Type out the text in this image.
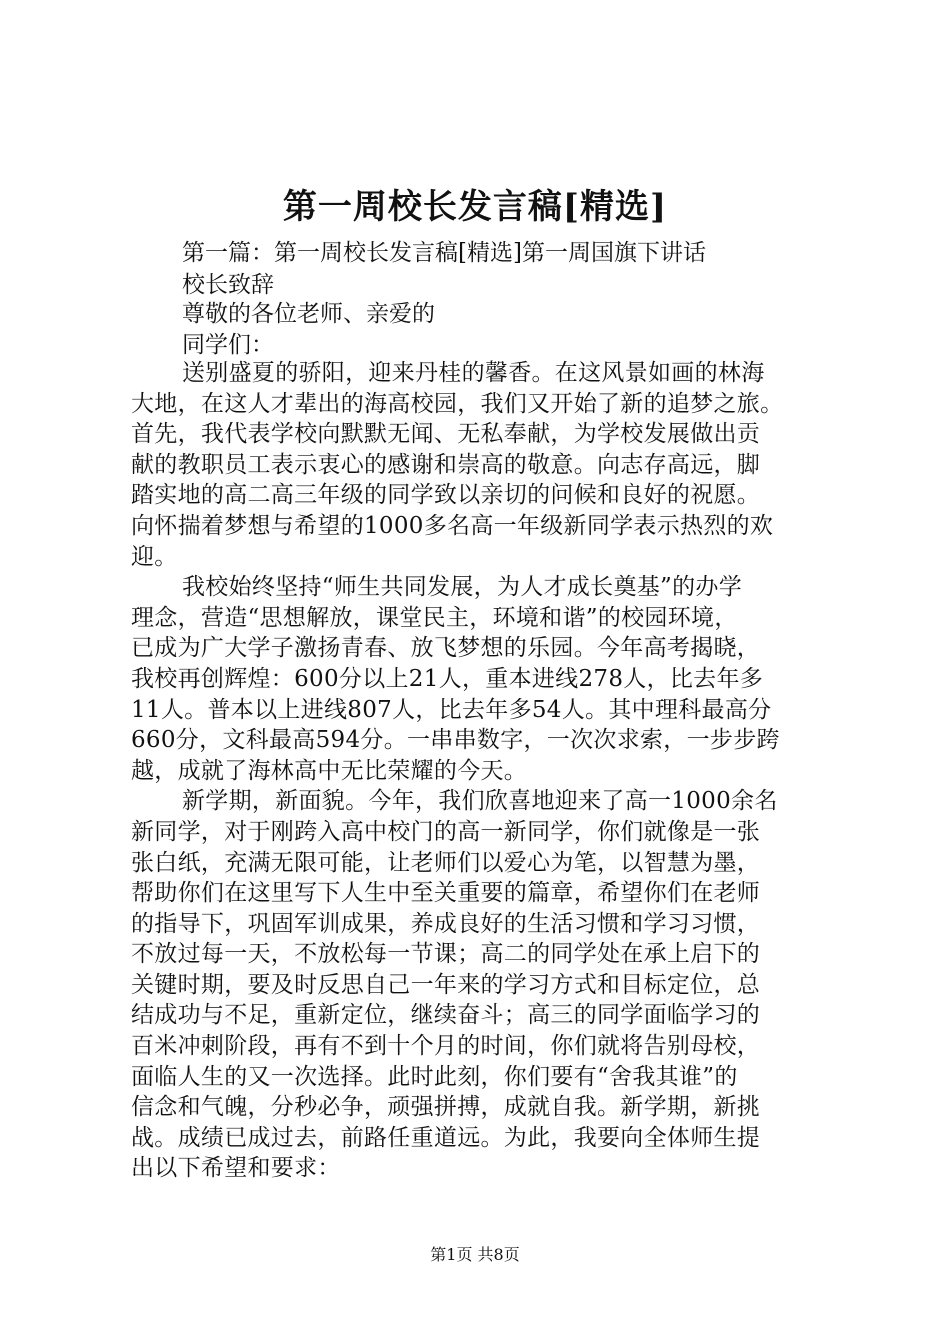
第一周校长发言稿[精选]

第一篇：第一周校长发言稿[精选]第一周国旗下讲话

校长致辞

尊敬的各位老师、亲爱的

同学们：

送别盛夏的骄阳，迎来丹桂的馨香。在这风景如画的林海
大地，在这人才辈出的海高校园，我们又开始了新的追梦之旅。
首先，我代表学校向默默无闻、无私奉献，为学校发展做出贡
献的教职员工表示衷心的感谢和崇高的敬意。向志存高远，脚
踏实地的高二高三年级的同学致以亲切的问候和良好的祝愿。
向怀揣着梦想与希望的1000多名高一年级新同学表示热烈的欢
迎。
我校始终坚持“师生共同发展，为人才成长奠基”的办学
理念，营造“思想解放，课堂民主，环境和谐”的校园环境，
已成为广大学子激扬青春、放飞梦想的乐园。今年高考揭晓，
我校再创辉煌：600分以上21人，重本进线278人，比去年多
11人。普本以上进线807人，比去年多54人。其中理科最高分
660分，文科最高594分。一串串数字，一次次求索，一步步跨
越，成就了海林高中无比荣耀的今天。
新学期，新面貌。今年，我们欣喜地迎来了高一1000余名
新同学，对于刚跨入高中校门的高一新同学，你们就像是一张
张白纸，充满无限可能，让老师们以爱心为笔，以智慧为墨，
帮助你们在这里写下人生中至关重要的篇章，希望你们在老师
的指导下，巩固军训成果，养成良好的生活习惯和学习习惯，
不放过每一天，不放松每一节课；高二的同学处在承上启下的
关键时期，要及时反思自己一年来的学习方式和目标定位，总
结成功与不足，重新定位，继续奋斗；高三的同学面临学习的
百米冲刺阶段，再有不到十个月的时间，你们就将告别母校，
面临人生的又一次选择。此时此刻，你们要有“舍我其谁”的
信念和气魄，分秒必争，顽强拼搏，成就自我。新学期，新挑
战。成绩已成过去，前路任重道远。为此，我要向全体师生提
出以下希望和要求：
第1页 共8页
